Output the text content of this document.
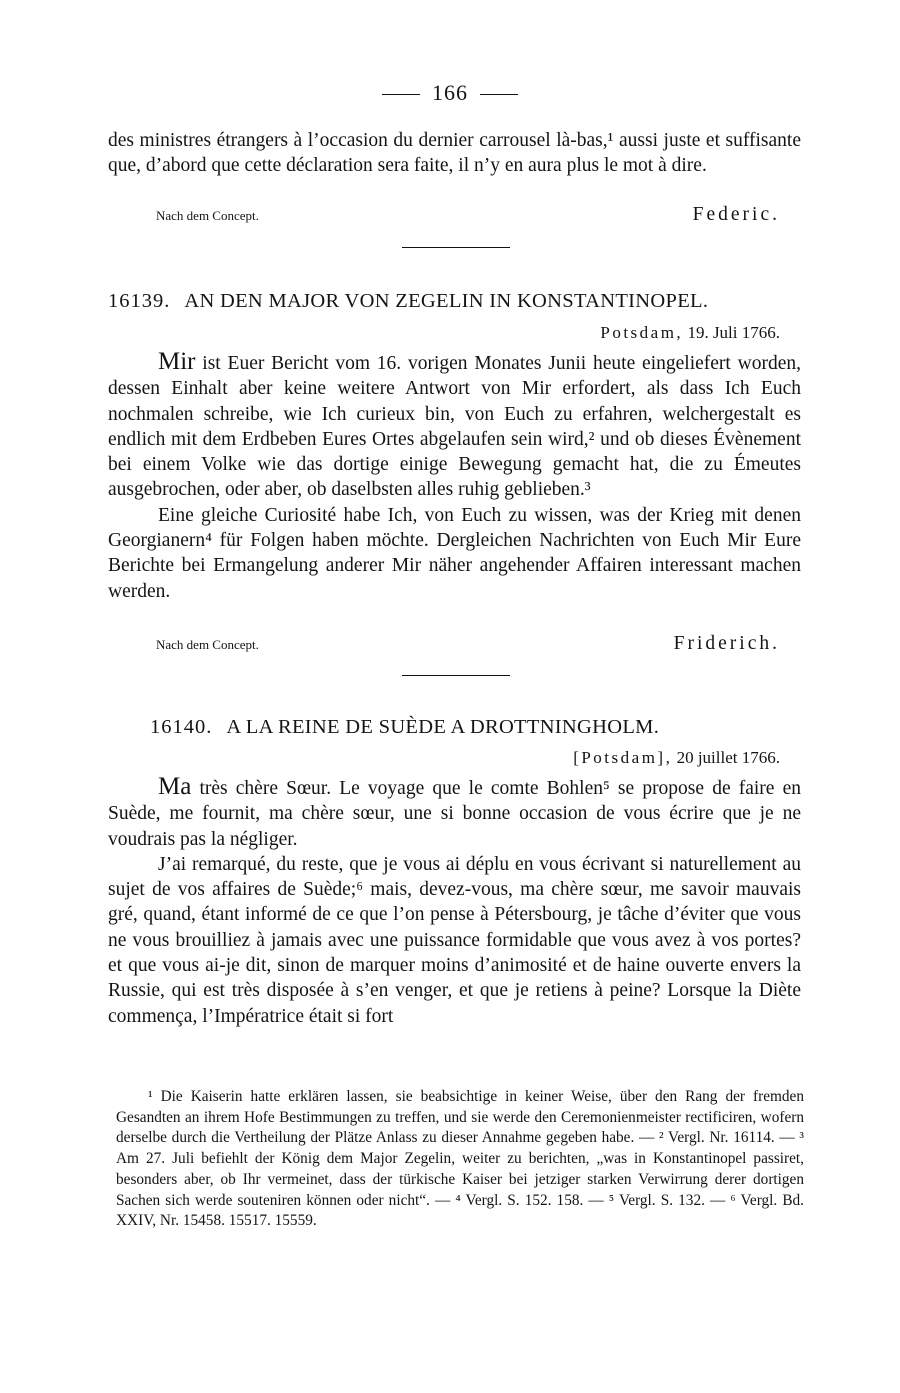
166

des ministres étrangers à l’occasion du dernier carrousel là-bas,¹ aussi juste et suffisante que, d’abord que cette déclaration sera faite, il n’y en aura plus le mot à dire.

Nach dem Concept.	Federic.
16139. AN DEN MAJOR VON ZEGELIN IN KONSTANTINOPEL.
Potsdam, 19. Juli 1766.

Mir ist Euer Bericht vom 16. vorigen Monates Junii heute eingeliefert worden, dessen Einhalt aber keine weitere Antwort von Mir erfordert, als dass Ich Euch nochmalen schreibe, wie Ich curieux bin, von Euch zu erfahren, welchergestalt es endlich mit dem Erdbeben Eures Ortes abgelaufen sein wird,² und ob dieses Évènement bei einem Volke wie das dortige einige Bewegung gemacht hat, die zu Émeutes ausgebrochen, oder aber, ob daselbsten alles ruhig geblieben.³

Eine gleiche Curiosité habe Ich, von Euch zu wissen, was der Krieg mit denen Georgianern⁴ für Folgen haben möchte. Dergleichen Nachrichten von Euch Mir Eure Berichte bei Ermangelung anderer Mir näher angehender Affairen interessant machen werden.

Nach dem Concept.	Friderich.
16140. A LA REINE DE SUÈDE A DROTTNINGHOLM.
[Potsdam], 20 juillet 1766.

Ma très chère Sœur. Le voyage que le comte Bohlen⁵ se propose de faire en Suède, me fournit, ma chère sœur, une si bonne occasion de vous écrire que je ne voudrais pas la négliger.

J’ai remarqué, du reste, que je vous ai déplu en vous écrivant si naturellement au sujet de vos affaires de Suède;⁶ mais, devez-vous, ma chère sœur, me savoir mauvais gré, quand, étant informé de ce que l’on pense à Pétersbourg, je tâche d’éviter que vous ne vous brouilliez à jamais avec une puissance formidable que vous avez à vos portes? et que vous ai-je dit, sinon de marquer moins d’animosité et de haine ouverte envers la Russie, qui est très disposée à s’en venger, et que je retiens à peine? Lorsque la Diète commença, l’Impératrice était si fort

¹ Die Kaiserin hatte erklären lassen, sie beabsichtige in keiner Weise, über den Rang der fremden Gesandten an ihrem Hofe Bestimmungen zu treffen, und sie werde den Ceremonienmeister rectificiren, wofern derselbe durch die Vertheilung der Plätze Anlass zu dieser Annahme gegeben habe. — ² Vergl. Nr. 16114. — ³ Am 27. Juli befiehlt der König dem Major Zegelin, weiter zu berichten, „was in Konstantinopel passiret, besonders aber, ob Ihr vermeinet, dass der türkische Kaiser bei jetziger starken Verwirrung derer dortigen Sachen sich werde souteniren können oder nicht“. — ⁴ Vergl. S. 152. 158. — ⁵ Vergl. S. 132. — ⁶ Vergl. Bd. XXIV, Nr. 15458. 15517. 15559.
